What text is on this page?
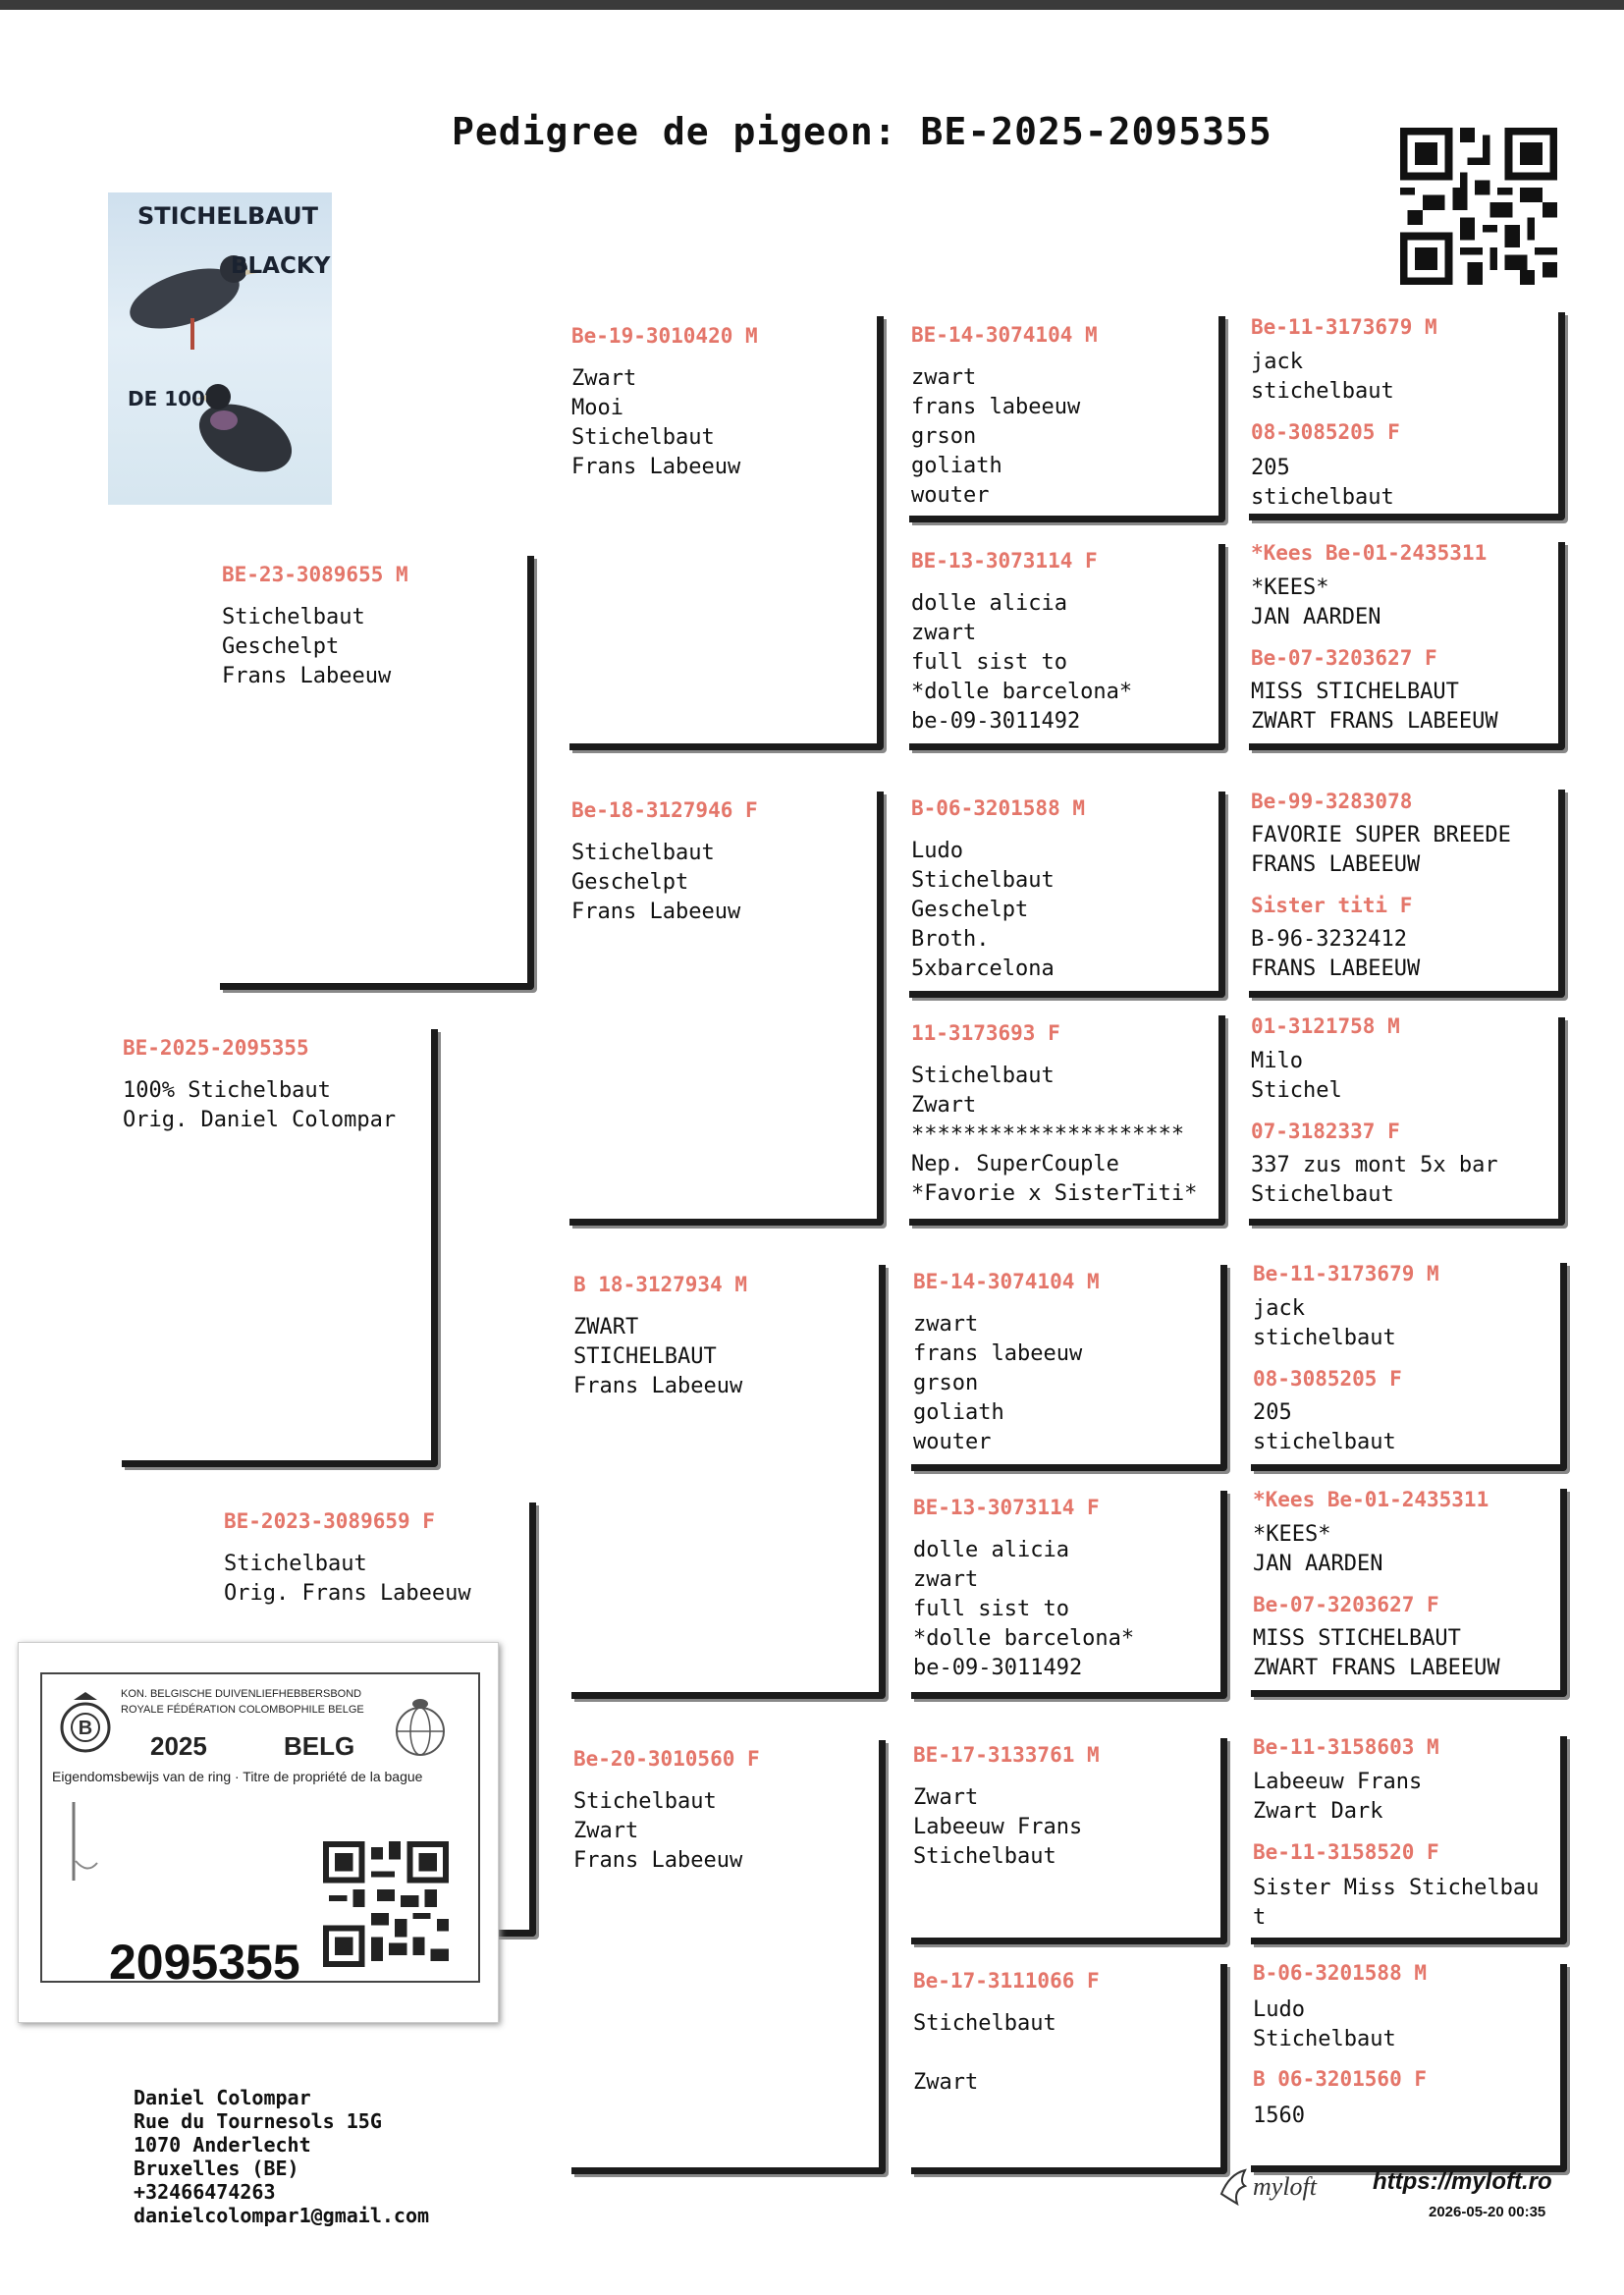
Pedigree de pigeon: BE-2025-2095355
STICHELBAUT
BLACKY
DE 100
BE-23-3089655 M
Stichelbaut
Geschelpt
Frans Labeeuw
BE-2025-2095355
100% Stichelbaut
Orig. Daniel Colompar
BE-2023-3089659 F
Stichelbaut
Orig. Frans Labeeuw
Be-19-3010420 M
Zwart
Mooi
Stichelbaut
Frans Labeeuw
Be-18-3127946 F
Stichelbaut
Geschelpt
Frans Labeeuw
B 18-3127934 M
ZWART
STICHELBAUT
Frans Labeeuw
Be-20-3010560 F
Stichelbaut
Zwart
Frans Labeeuw
BE-14-3074104 M
zwart
frans labeeuw
grson
goliath
wouter
BE-13-3073114 F
dolle alicia
zwart
full sist to
*dolle barcelona*
be-09-3011492
B-06-3201588 M
Ludo
Stichelbaut
Geschelpt
Broth.
5xbarcelona
11-3173693 F
Stichelbaut
Zwart
*********************
Nep. SuperCouple
*Favorie x SisterTiti*
BE-14-3074104 M
zwart
frans labeeuw
grson
goliath
wouter
BE-13-3073114 F
dolle alicia
zwart
full sist to
*dolle barcelona*
be-09-3011492
BE-17-3133761 M
Zwart
Labeeuw Frans
Stichelbaut
Be-17-3111066 F
Stichelbaut
Zwart
Be-11-3173679 M
jack
stichelbaut
08-3085205 F
205
stichelbaut
*Kees Be-01-2435311
*KEES*
JAN AARDEN
Be-07-3203627 F
MISS STICHELBAUT
ZWART FRANS LABEEUW
Be-99-3283078
FAVORIE SUPER BREEDE
FRANS LABEEUW
Sister titi F
B-96-3232412
FRANS LABEEUW
01-3121758 M
Milo
Stichel
07-3182337 F
337 zus mont 5x bar
Stichelbaut
Be-11-3173679 M
jack
stichelbaut
08-3085205 F
205
stichelbaut
*Kees Be-01-2435311
*KEES*
JAN AARDEN
Be-07-3203627 F
MISS STICHELBAUT
ZWART FRANS LABEEUW
Be-11-3158603 M
Labeeuw Frans
Zwart Dark
Be-11-3158520 F
Sister Miss Stichelbau
t
B-06-3201588 M
Ludo
Stichelbaut
B 06-3201560 F
1560
B
KON. BELGISCHE DUIVENLIEFHEBBERSBOND
ROYALE FÉDÉRATION COLOMBOPHILE BELGE
2025	BELG
Eigendomsbewijs van de ring · Titre de propriété de la bague
2095355
Daniel Colompar
Rue du Tournesols 15G
1070 Anderlecht
Bruxelles (BE)
+32466474263
danielcolompar1@gmail.com
myloft https://myloft.ro
2026-05-20 00:35
